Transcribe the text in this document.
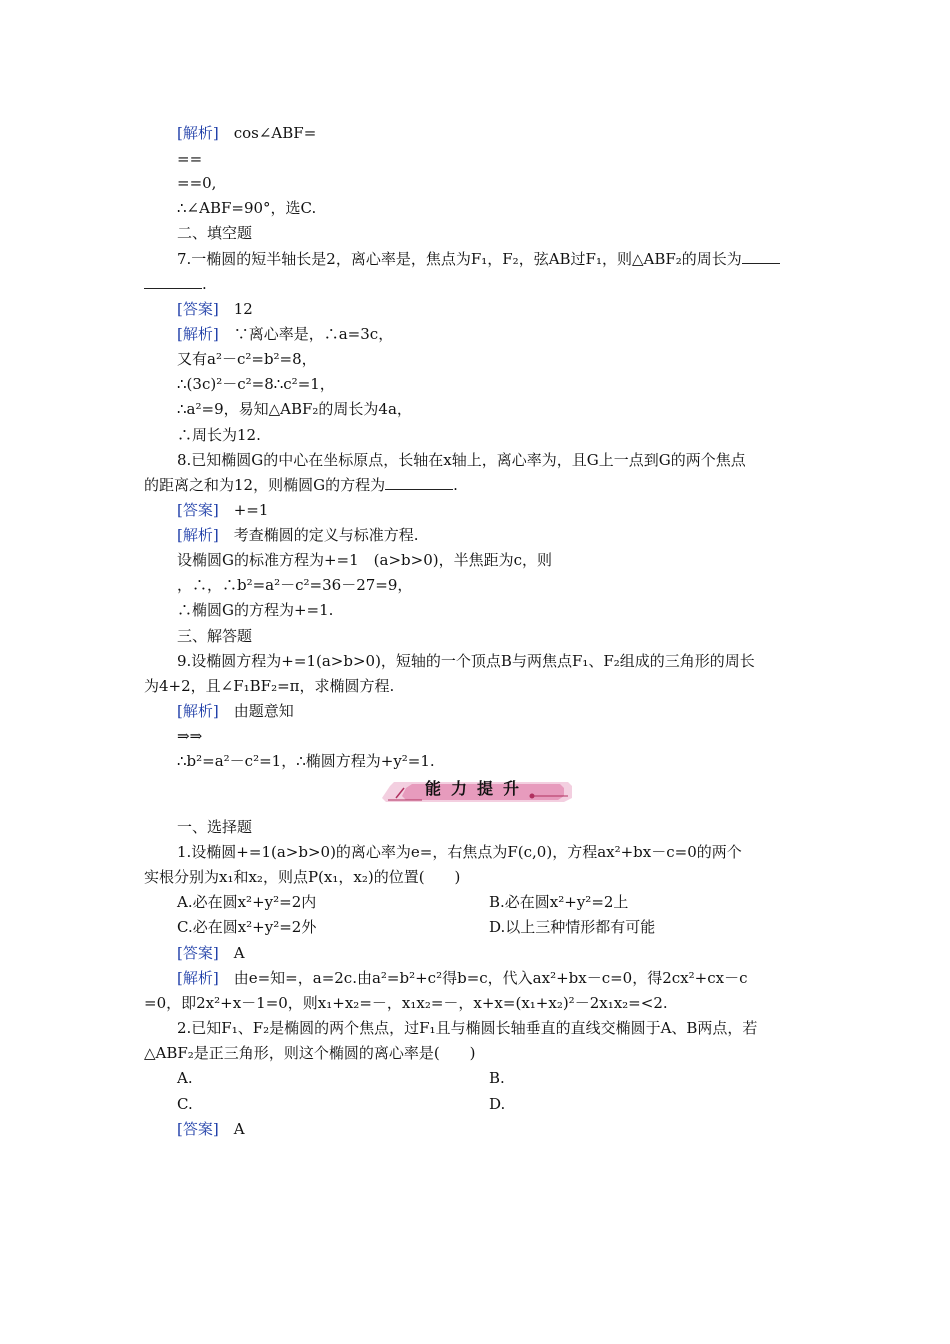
[解析]　 cos∠ABF=
==
==0,
∴∠ABF=90°，选C.
二、填空题
7.一椭圆的短半轴长是2，离心率是，焦点为F₁，F₂，弦AB过F₁，则△ABF₂的周长为
.
[答案]　 12
[解析]　 ∵离心率是，∴a=3c，
又有a²－c²=b²=8，
∴(3c)²－c²=8∴c²=1，
∴a²=9，易知△ABF₂的周长为4a，
∴周长为12.
8.已知椭圆G的中心在坐标原点，长轴在x轴上，离心率为，且G上一点到G的两个焦点
的距离之和为12，则椭圆G的方程为	.
[答案]　 +=1
[解析]　 考查椭圆的定义与标准方程.
设椭圆G的标准方程为+=1　(a>b>0)，半焦距为c，则
，∴，∴b²=a²－c²=36－27=9，
∴椭圆G的方程为+=1.
三、解答题
9.设椭圆方程为+=1(a>b>0)，短轴的一个顶点B与两焦点F₁、F₂组成的三角形的周长
为4+2，且∠F₁BF₂=π，求椭圆方程.
[解析]　 由题意知
⇒⇒
∴b²=a²－c²=1，∴椭圆方程为+y²=1.
能力提升
一、选择题
1.设椭圆+=1(a>b>0)的离心率为e=，右焦点为F(c,0)，方程ax²+bx－c=0的两个
实根分别为x₁和x₂，则点P(x₁，x₂)的位置(　　)
A.必在圆x²+y²=2内	B.必在圆x²+y²=2上
C.必在圆x²+y²=2外	D.以上三种情形都有可能
[答案]　 A
[解析]　 由e=知=，a=2c.由a²=b²+c²得b=c，代入ax²+bx－c=0，得2cx²+cx－c
=0，即2x²+x－1=0，则x₁+x₂=－，x₁x₂=－，x+x=(x₁+x₂)²－2x₁x₂=<2.
2.已知F₁、F₂是椭圆的两个焦点，过F₁且与椭圆长轴垂直的直线交椭圆于A、B两点，若
△ABF₂是正三角形，则这个椭圆的离心率是(　　)
A.	B.
C.	D.
[答案]　 A
